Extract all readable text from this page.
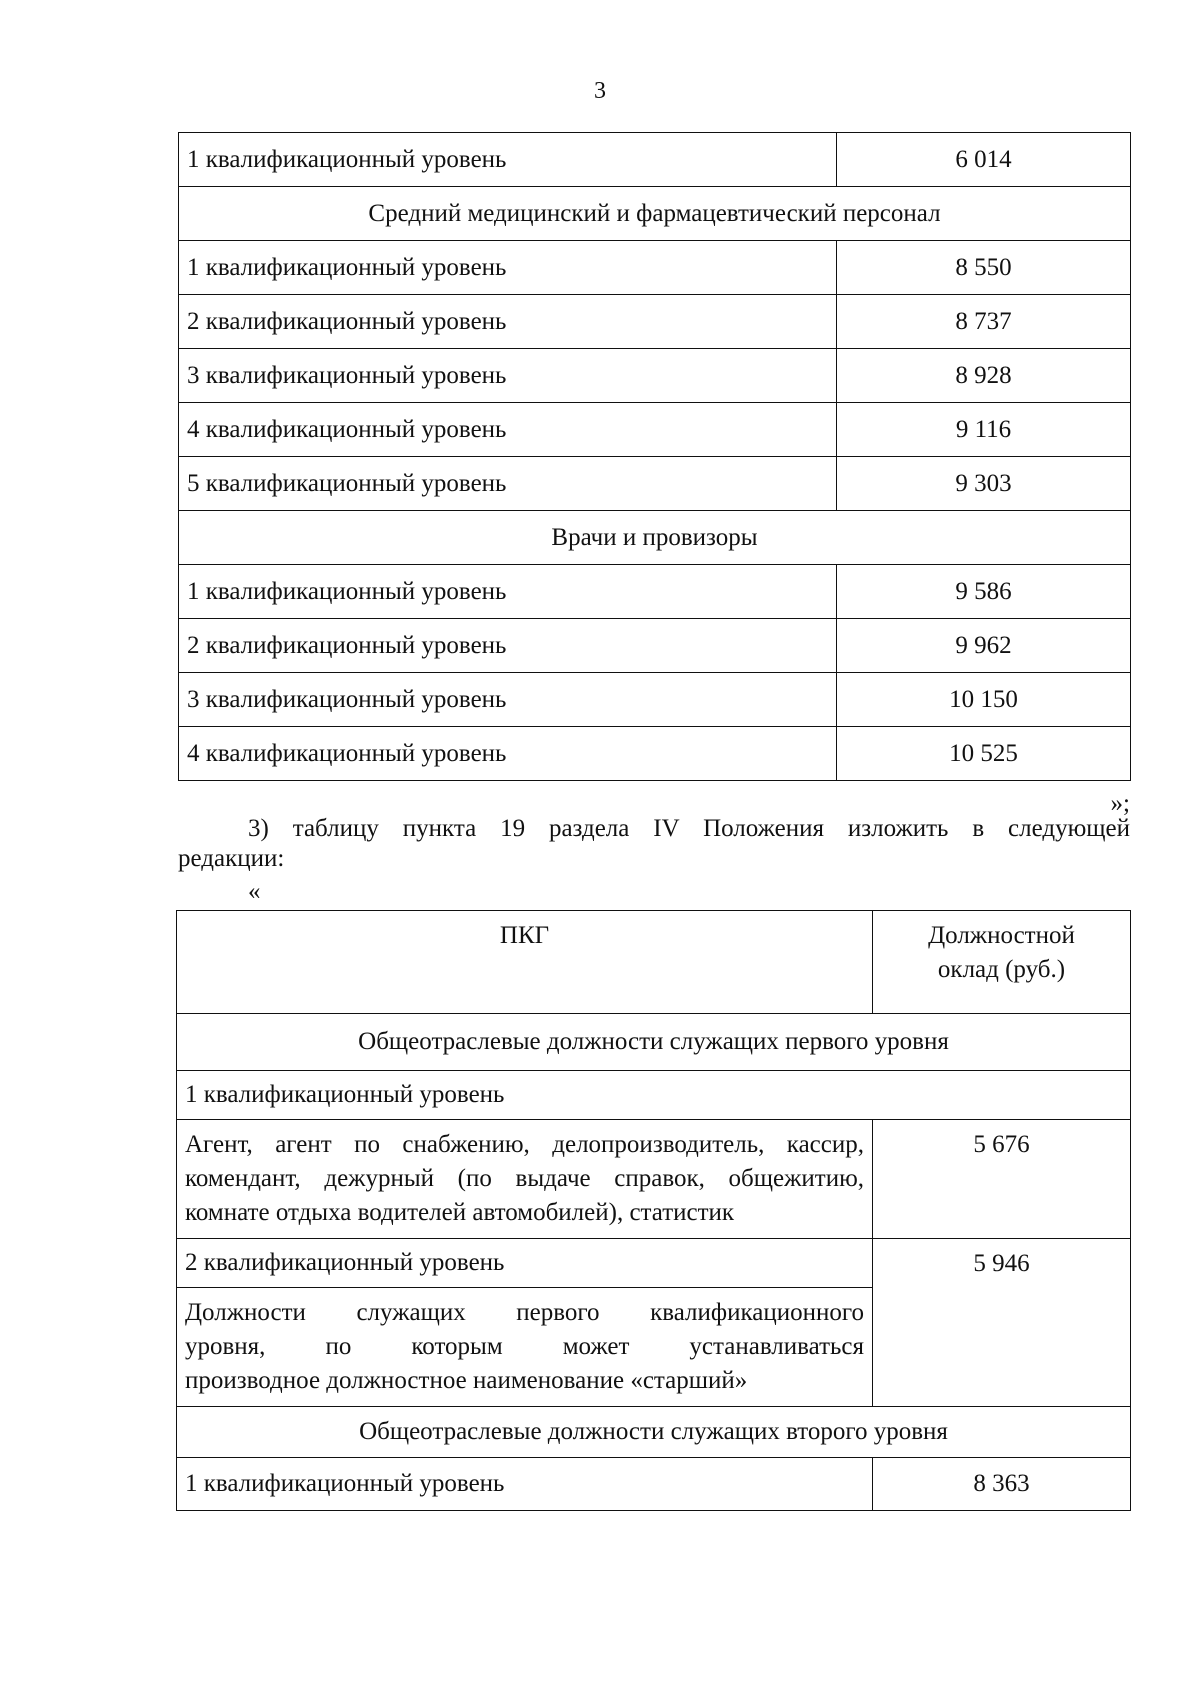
3
1 квалификационный уровень	6 014
Средний медицинский и фармацевтический персонал	
1 квалификационный уровень	8 550
2 квалификационный уровень	8 737
3 квалификационный уровень	8 928
4 квалификационный уровень	9 116
5 квалификационный уровень	9 303
Врачи и провизоры	
1 квалификационный уровень	9 586
2 квалификационный уровень	9 962
3 квалификационный уровень	10 150
4 квалификационный уровень	10 525
»;
3) таблицу пункта 19 раздела IV Положения изложить в следующей
редакции:
«
ПКГ	Должностной
оклад (руб.)

Общеотраслевые должности служащих первого уровня	
1 квалификационный уровень	
Агент, агент по снабжению, делопроизводитель, кассир, комендант, дежурный (по выдаче справок, общежитию, комнате отдыха водителей автомобилей), статистик	5 676
2 квалификационный уровень	5 946

Должности служащих первого квалификационного
уровня, по которым может устанавливаться
производное должностное наименование «старший»	

Общеотраслевые должности служащих второго уровня	
1 квалификационный уровень	8 363
